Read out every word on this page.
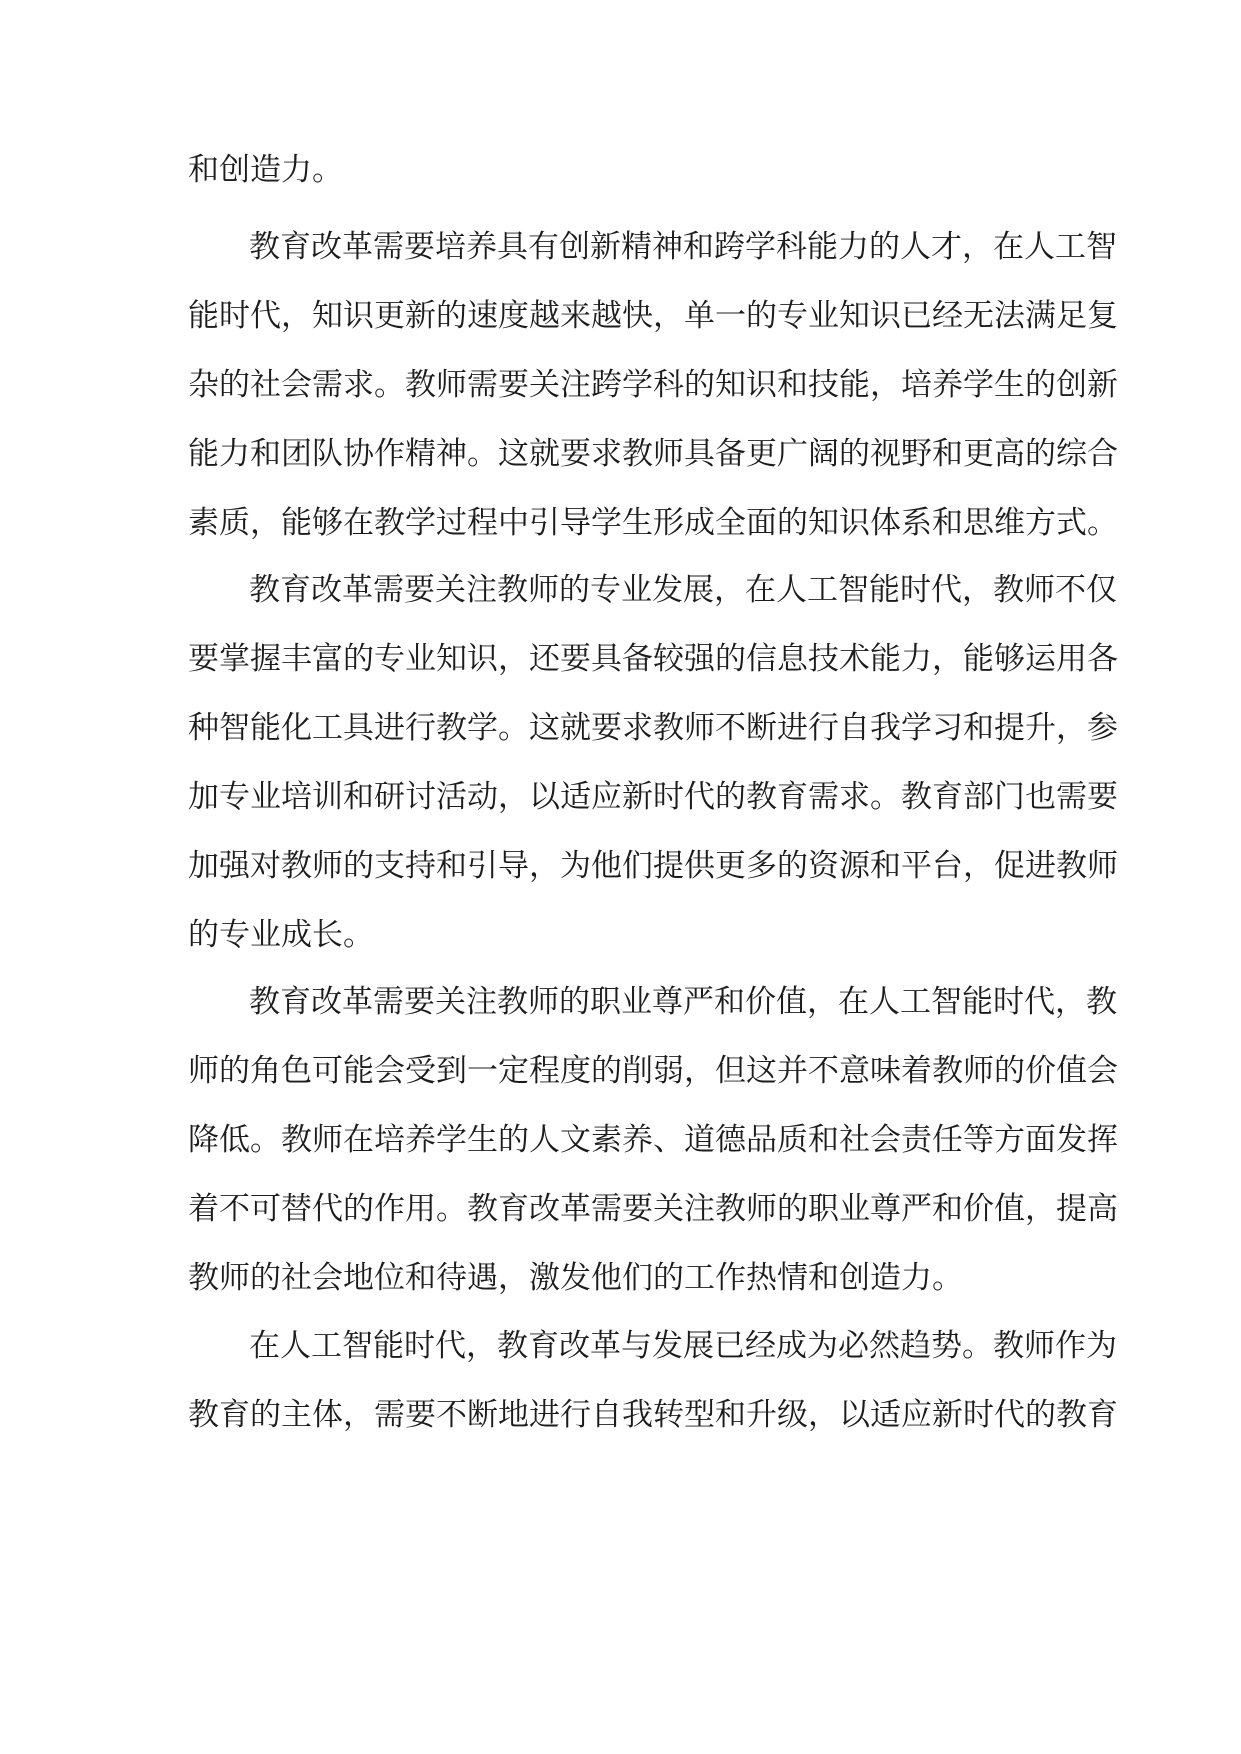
和创造力。
教育改革需要培养具有创新精神和跨学科能力的人才，在人工智
能时代，知识更新的速度越来越快，单一的专业知识已经无法满足复
杂的社会需求。教师需要关注跨学科的知识和技能，培养学生的创新
能力和团队协作精神。这就要求教师具备更广阔的视野和更高的综合
素质，能够在教学过程中引导学生形成全面的知识体系和思维方式。
教育改革需要关注教师的专业发展，在人工智能时代，教师不仅
要掌握丰富的专业知识，还要具备较强的信息技术能力，能够运用各
种智能化工具进行教学。这就要求教师不断进行自我学习和提升，参
加专业培训和研讨活动，以适应新时代的教育需求。教育部门也需要
加强对教师的支持和引导，为他们提供更多的资源和平台，促进教师
的专业成长。
教育改革需要关注教师的职业尊严和价值，在人工智能时代，教
师的角色可能会受到一定程度的削弱，但这并不意味着教师的价值会
降低。教师在培养学生的人文素养、道德品质和社会责任等方面发挥
着不可替代的作用。教育改革需要关注教师的职业尊严和价值，提高
教师的社会地位和待遇，激发他们的工作热情和创造力。
在人工智能时代，教育改革与发展已经成为必然趋势。教师作为
教育的主体，需要不断地进行自我转型和升级，以适应新时代的教育
